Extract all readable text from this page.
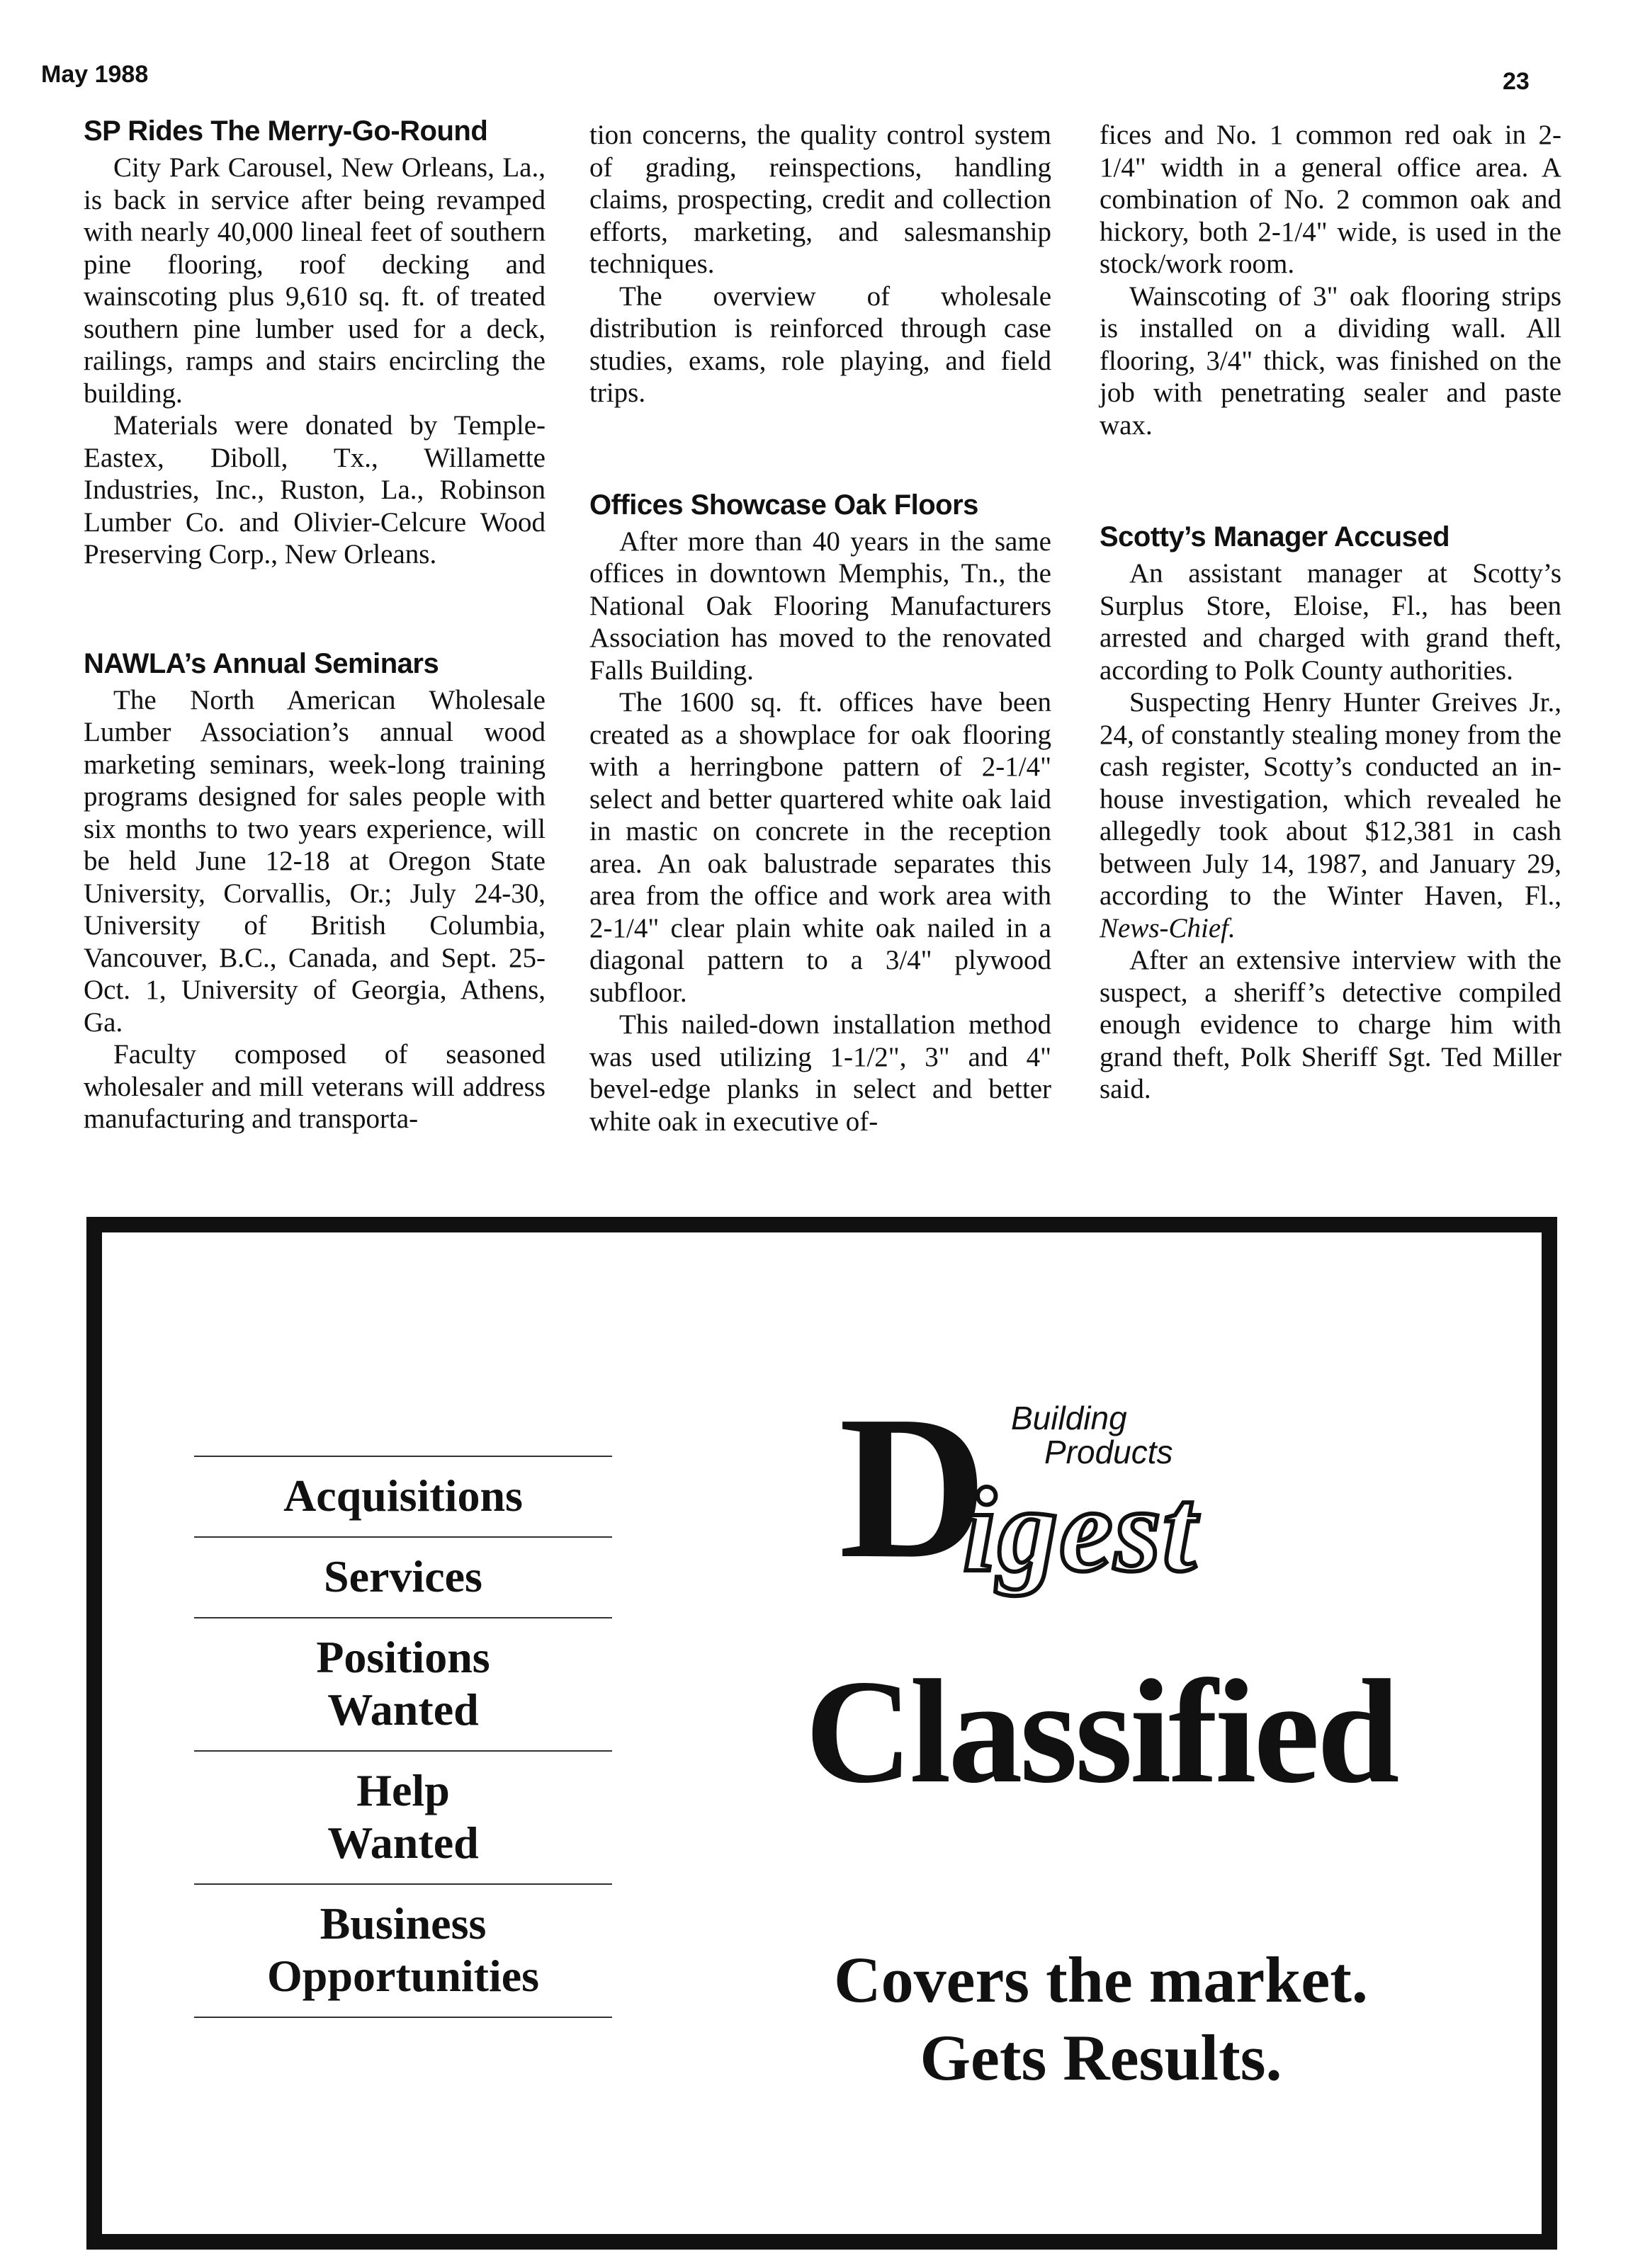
May 1988	23
SP Rides The Merry-Go-Round

City Park Carousel, New Orleans, La., is back in service after being revamped with nearly 40,000 lineal feet of southern pine flooring, roof decking and wainscoting plus 9,610 sq. ft. of treated southern pine lumber used for a deck, railings, ramps and stairs encircling the building.

Materials were donated by Temple-Eastex, Diboll, Tx., Willamette Industries, Inc., Ruston, La., Robinson Lumber Co. and Olivier-Celcure Wood Preserving Corp., New Orleans.

NAWLA’s Annual Seminars

The North American Wholesale Lumber Association’s annual wood marketing seminars, week-long training programs designed for sales people with six months to two years experience, will be held June 12-18 at Oregon State University, Corvallis, Or.; July 24-30, University of British Columbia, Vancouver, B.C., Canada, and Sept. 25-Oct. 1, University of Georgia, Athens, Ga.

Faculty composed of seasoned wholesaler and mill veterans will address manufacturing and transporta-

tion concerns, the quality control system of grading, reinspections, handling claims, prospecting, credit and collection efforts, marketing, and salesmanship techniques.

The overview of wholesale distribution is reinforced through case studies, exams, role playing, and field trips.

Offices Showcase Oak Floors

After more than 40 years in the same offices in downtown Memphis, Tn., the National Oak Flooring Manufacturers Association has moved to the renovated Falls Building.

The 1600 sq. ft. offices have been created as a showplace for oak flooring with a herringbone pattern of 2-1/4" select and better quartered white oak laid in mastic on concrete in the reception area. An oak balustrade separates this area from the office and work area with 2-1/4" clear plain white oak nailed in a diagonal pattern to a 3/4" plywood subfloor.

This nailed-down installation method was used utilizing 1-1/2", 3" and 4" bevel-edge planks in select and better white oak in executive of-

fices and No. 1 common red oak in 2-1/4" width in a general office area. A combination of No. 2 common oak and hickory, both 2-1/4" wide, is used in the stock/work room.

Wainscoting of 3" oak flooring strips is installed on a dividing wall. All flooring, 3/4" thick, was finished on the job with penetrating sealer and paste wax.

Scotty’s Manager Accused

An assistant manager at Scotty’s Surplus Store, Eloise, Fl., has been arrested and charged with grand theft, according to Polk County authorities.

Suspecting Henry Hunter Greives Jr., 24, of constantly stealing money from the cash register, Scotty’s conducted an in-house investigation, which revealed he allegedly took about $12,381 in cash between July 14, 1987, and January 29, according to the Winter Haven, Fl., News-Chief.

After an extensive interview with the suspect, a sheriff’s detective compiled enough evidence to charge him with grand theft, Polk Sheriff Sgt. Ted Miller said.

Acquisitions
Services
Positions Wanted
Help Wanted
Business Opportunities
D Building
Products
igest
Classified
Covers the market.
Gets Results.
